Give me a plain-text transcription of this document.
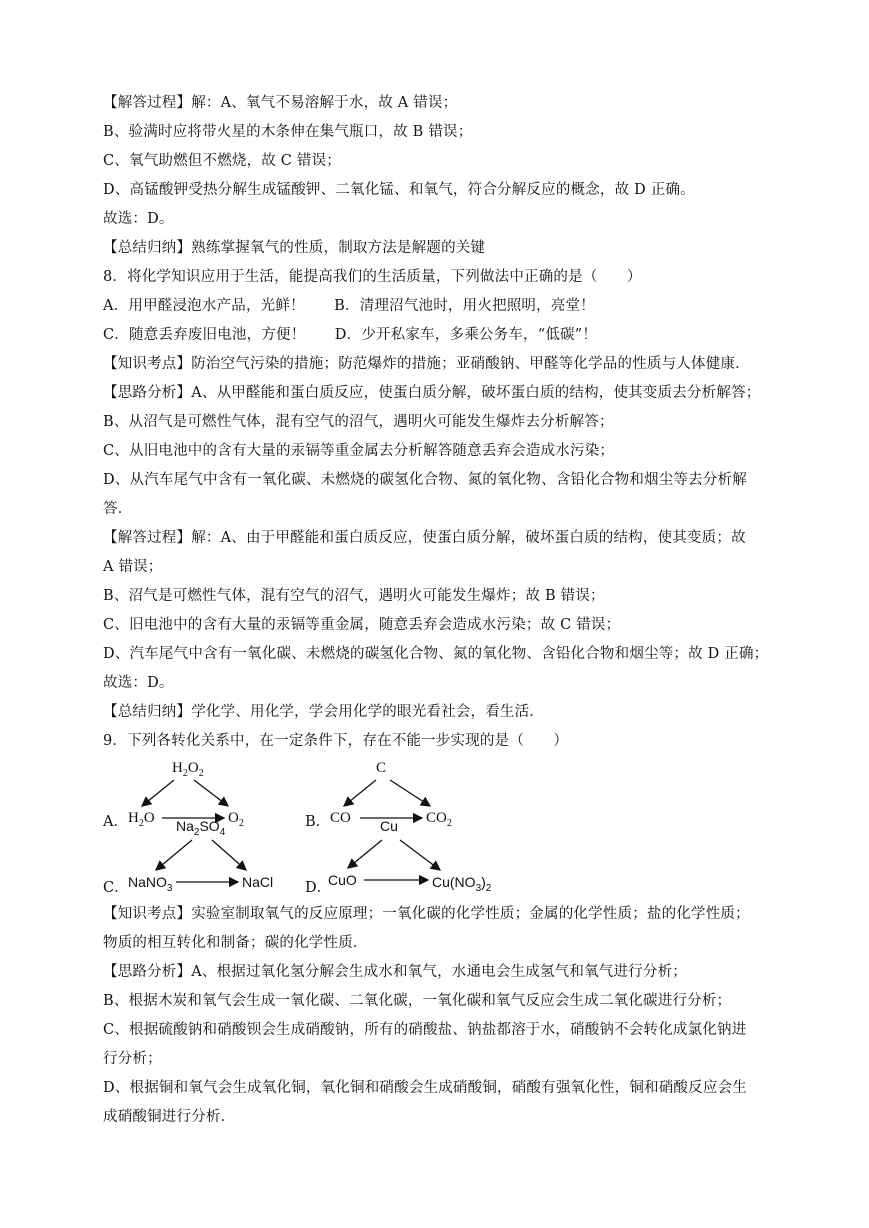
【解答过程】解：A、氧气不易溶解于水，故 A 错误；
B、验满时应将带火星的木条伸在集气瓶口，故 B 错误；
C、氧气助燃但不燃烧，故 C 错误；
D、高锰酸钾受热分解生成锰酸钾、二氧化锰、和氧气，符合分解反应的概念，故 D 正确。
故选：D。
【总结归纳】熟练掌握氧气的性质，制取方法是解题的关键
8．将化学知识应用于生活，能提高我们的生活质量，下列做法中正确的是（　　）
A．用甲醛浸泡水产品，光鲜！　　B．清理沼气池时，用火把照明，亮堂！
C．随意丢弃废旧电池，方便！　　D．少开私家车，多乘公务车，“低碳”！
【知识考点】防治空气污染的措施；防范爆炸的措施；亚硝酸钠、甲醛等化学品的性质与人体健康．
【思路分析】A、从甲醛能和蛋白质反应，使蛋白质分解，破坏蛋白质的结构，使其变质去分析解答；
B、从沼气是可燃性气体，混有空气的沼气，遇明火可能发生爆炸去分析解答；
C、从旧电池中的含有大量的汞镉等重金属去分析解答随意丢弃会造成水污染；
D、从汽车尾气中含有一氧化碳、未燃烧的碳氢化合物、氮的氧化物、含铅化合物和烟尘等去分析解
答．
【解答过程】解：A、由于甲醛能和蛋白质反应，使蛋白质分解，破坏蛋白质的结构，使其变质；故
A 错误；
B、沼气是可燃性气体，混有空气的沼气，遇明火可能发生爆炸；故 B 错误；
C、旧电池中的含有大量的汞镉等重金属，随意丢弃会造成水污染；故 C 错误；
D、汽车尾气中含有一氧化碳、未燃烧的碳氢化合物、氮的氧化物、含铅化合物和烟尘等；故 D 正确；
故选：D。
【总结归纳】学化学、用化学，学会用化学的眼光看社会，看生活．
9．下列各转化关系中，在一定条件下，存在不能一步实现的是（　　）
A．
$H_2O_2$
$H_2O$	$O_2$	B．
C
CO	$CO_2$
C．
$Na_2SO_4$
NaNO$_3$	NaCl D．
Cu
CuO	$Cu(NO_3)_2$
【知识考点】实验室制取氧气的反应原理；一氧化碳的化学性质；金属的化学性质；盐的化学性质；
物质的相互转化和制备；碳的化学性质．
【思路分析】A、根据过氧化氢分解会生成水和氧气，水通电会生成氢气和氧气进行分析；
B、根据木炭和氧气会生成一氧化碳、二氧化碳，一氧化碳和氧气反应会生成二氧化碳进行分析；
C、根据硫酸钠和硝酸钡会生成硝酸钠，所有的硝酸盐、钠盐都溶于水，硝酸钠不会转化成氯化钠进
行分析；
D、根据铜和氧气会生成氧化铜，氧化铜和硝酸会生成硝酸铜，硝酸有强氧化性，铜和硝酸反应会生
成硝酸铜进行分析．
